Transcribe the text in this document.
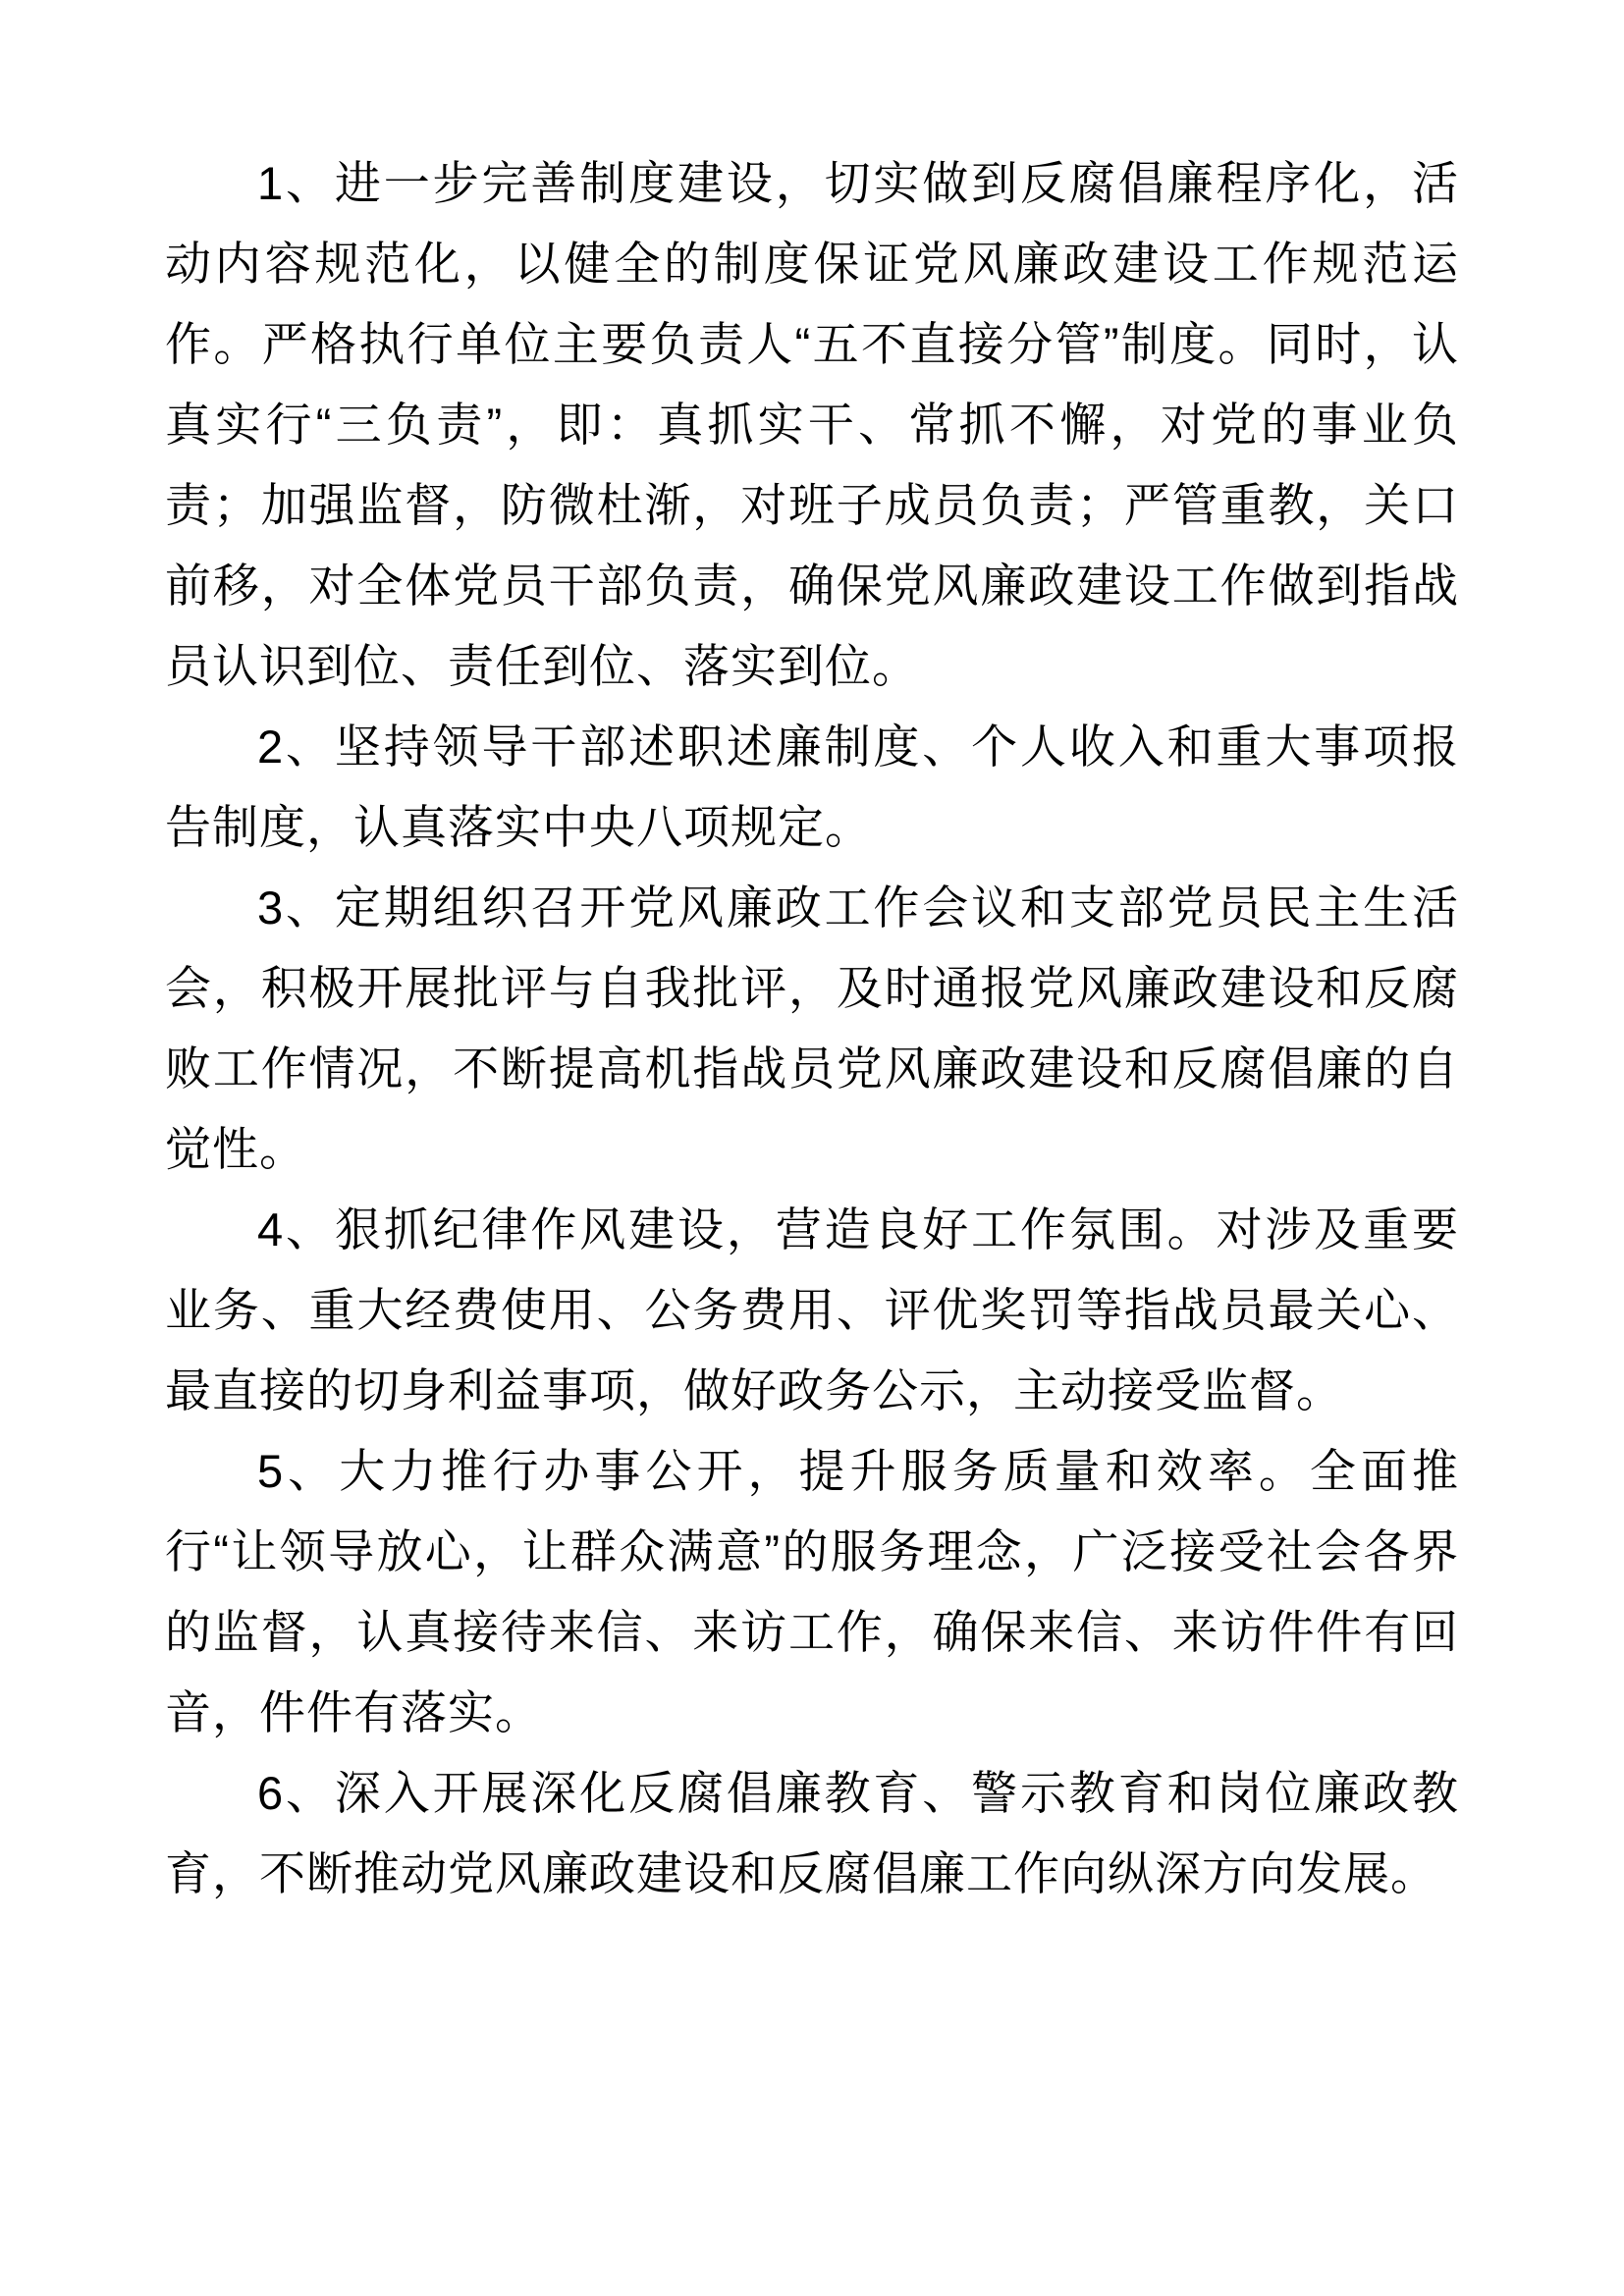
1、进一步完善制度建设，切实做到反腐倡廉程序化，活动内容规范化，以健全的制度保证党风廉政建设工作规范运作。严格执行单位主要负责人“五不直接分管”制度。同时，认真实行“三负责”，即：真抓实干、常抓不懈，对党的事业负责；加强监督，防微杜渐，对班子成员负责；严管重教，关口前移，对全体党员干部负责，确保党风廉政建设工作做到指战员认识到位、责任到位、落实到位。

2、坚持领导干部述职述廉制度、个人收入和重大事项报告制度，认真落实中央八项规定。

3、定期组织召开党风廉政工作会议和支部党员民主生活会，积极开展批评与自我批评，及时通报党风廉政建设和反腐败工作情况，不断提高机指战员党风廉政建设和反腐倡廉的自觉性。

4、狠抓纪律作风建设，营造良好工作氛围。对涉及重要业务、重大经费使用、公务费用、评优奖罚等指战员最关心、最直接的切身利益事项，做好政务公示，主动接受监督。

5、大力推行办事公开，提升服务质量和效率。全面推行“让领导放心，让群众满意”的服务理念，广泛接受社会各界的监督，认真接待来信、来访工作，确保来信、来访件件有回音，件件有落实。

6、深入开展深化反腐倡廉教育、警示教育和岗位廉政教育，不断推动党风廉政建设和反腐倡廉工作向纵深方向发展。
